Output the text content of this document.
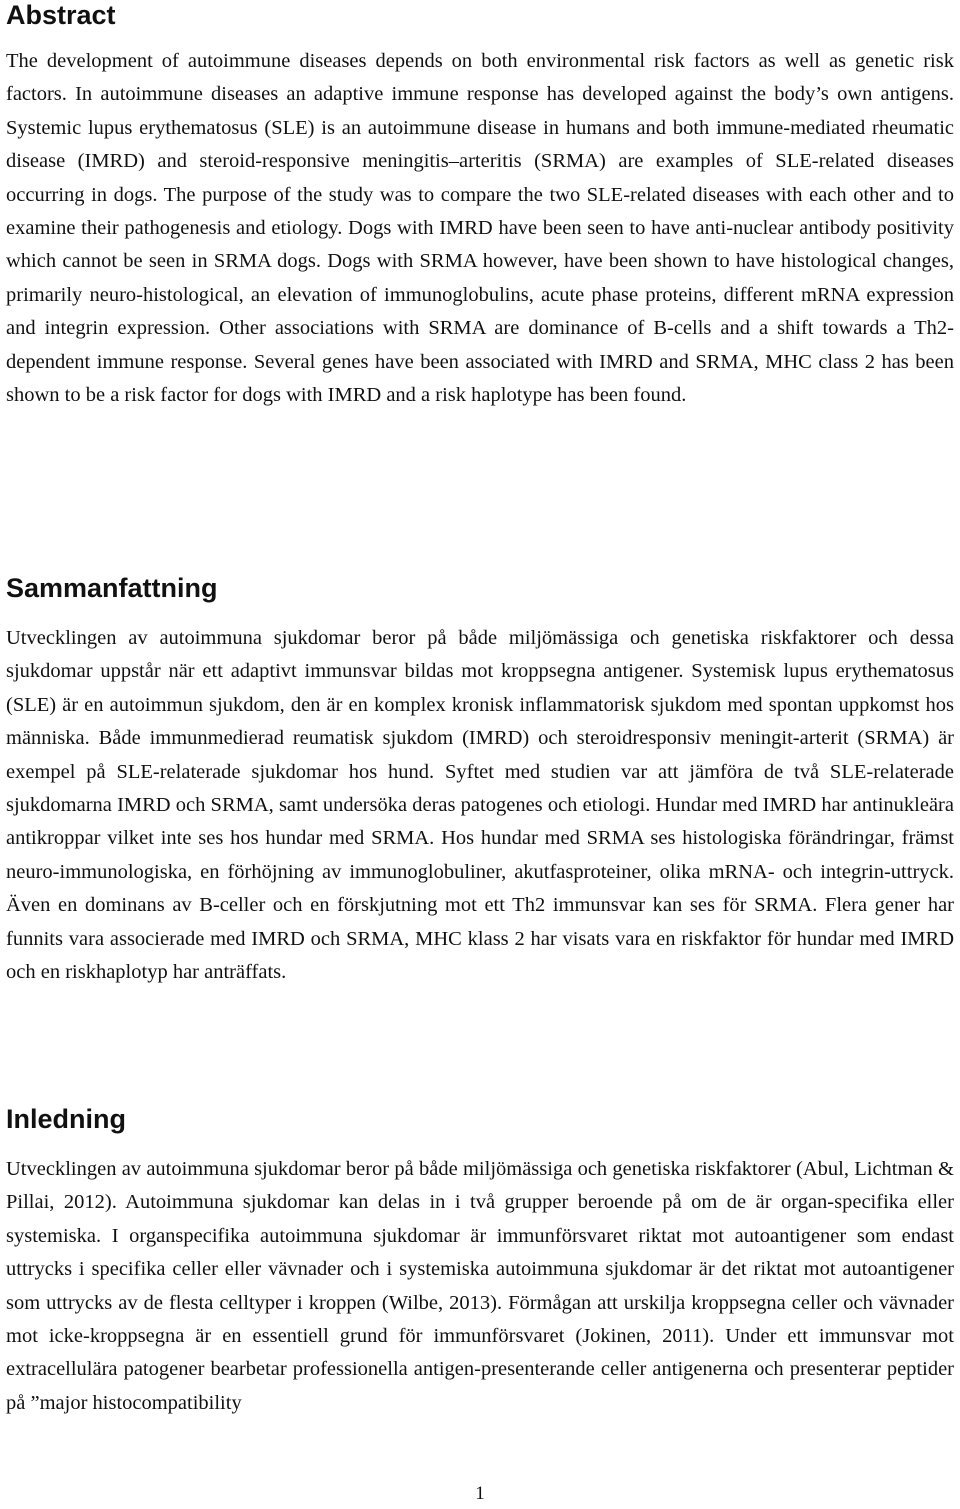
Abstract

The development of autoimmune diseases depends on both environmental risk factors as well as genetic risk factors. In autoimmune diseases an adaptive immune response has developed against the body’s own antigens. Systemic lupus erythematosus (SLE) is an autoimmune disease in humans and both immune-mediated rheumatic disease (IMRD) and steroid-responsive meningitis–arteritis (SRMA) are examples of SLE-related diseases occurring in dogs. The purpose of the study was to compare the two SLE-related diseases with each other and to examine their pathogenesis and etiology. Dogs with IMRD have been seen to have anti-nuclear antibody positivity which cannot be seen in SRMA dogs. Dogs with SRMA however, have been shown to have histological changes, primarily neuro-histological, an elevation of immunoglobulins, acute phase proteins, different mRNA expression and integrin expression. Other associations with SRMA are dominance of B-cells and a shift towards a Th2-dependent immune response. Several genes have been associated with IMRD and SRMA, MHC class 2 has been shown to be a risk factor for dogs with IMRD and a risk haplotype has been found.

Sammanfattning

Utvecklingen av autoimmuna sjukdomar beror på både miljömässiga och genetiska riskfaktorer och dessa sjukdomar uppstår när ett adaptivt immunsvar bildas mot kroppsegna antigener. Systemisk lupus erythematosus (SLE) är en autoimmun sjukdom, den är en komplex kronisk inflammatorisk sjukdom med spontan uppkomst hos människa. Både immunmedierad reumatisk sjukdom (IMRD) och steroidresponsiv meningit-arterit (SRMA) är exempel på SLE-relaterade sjukdomar hos hund. Syftet med studien var att jämföra de två SLE-relaterade sjukdomarna IMRD och SRMA, samt undersöka deras patogenes och etiologi. Hundar med IMRD har antinukleära antikroppar vilket inte ses hos hundar med SRMA. Hos hundar med SRMA ses histologiska förändringar, främst neuro-immunologiska, en förhöjning av immunoglobuliner, akutfasproteiner, olika mRNA- och integrin-uttryck. Även en dominans av B-celler och en förskjutning mot ett Th2 immunsvar kan ses för SRMA. Flera gener har funnits vara associerade med IMRD och SRMA, MHC klass 2 har visats vara en riskfaktor för hundar med IMRD och en riskhaplotyp har anträffats.

Inledning

Utvecklingen av autoimmuna sjukdomar beror på både miljömässiga och genetiska riskfaktorer (Abul, Lichtman & Pillai, 2012). Autoimmuna sjukdomar kan delas in i två grupper beroende på om de är organ-specifika eller systemiska. I organspecifika autoimmuna sjukdomar är immunförsvaret riktat mot autoantigener som endast uttrycks i specifika celler eller vävnader och i systemiska autoimmuna sjukdomar är det riktat mot autoantigener som uttrycks av de flesta celltyper i kroppen (Wilbe, 2013). Förmågan att urskilja kroppsegna celler och vävnader mot icke-kroppsegna är en essentiell grund för immunförsvaret (Jokinen, 2011). Under ett immunsvar mot extracellulära patogener bearbetar professionella antigen-presenterande celler antigenerna och presenterar peptider på ”major histocompatibility

1
